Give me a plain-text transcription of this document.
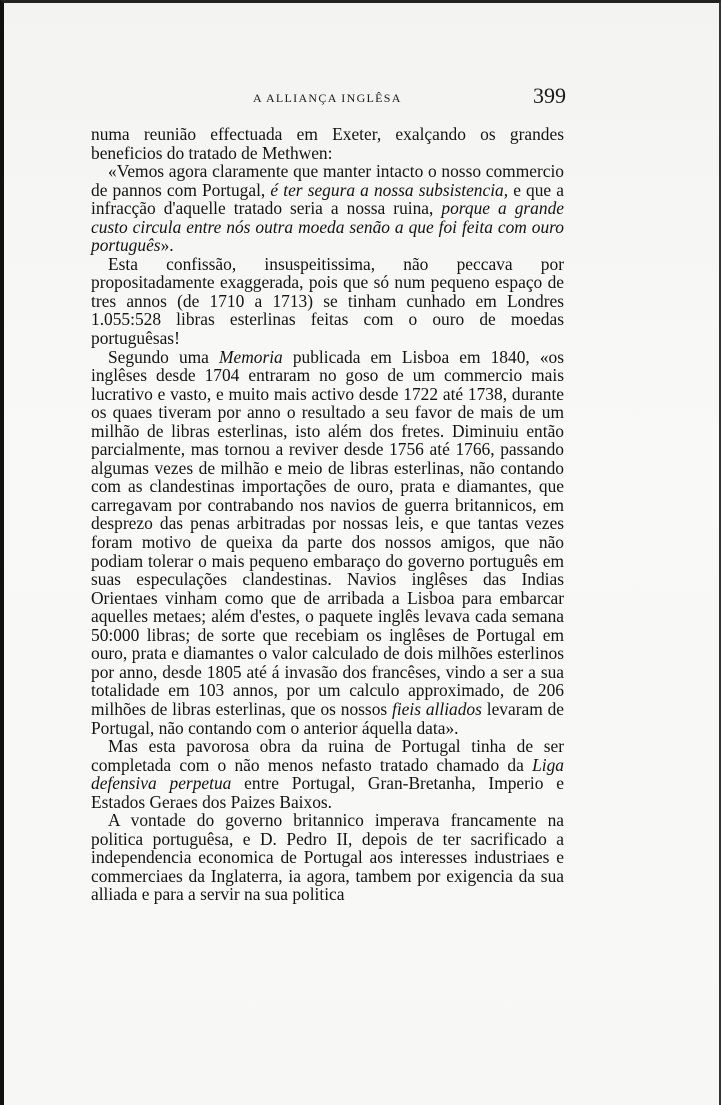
A ALLIANÇA INGLÊSA	399

numa reunião effectuada em Exeter, exalçando os grandes beneficios do tratado de Methwen:

«Vemos agora claramente que manter intacto o nosso commercio de pannos com Portugal, é ter segura a nossa subsistencia, e que a infracção d'aquelle tratado seria a nossa ruina, porque a grande custo circula entre nós outra moeda senão a que foi feita com ouro português».

Esta confissão, insuspeitissima, não peccava por propositadamente exaggerada, pois que só num pequeno espaço de tres annos (de 1710 a 1713) se tinham cunhado em Londres 1.055:528 libras esterlinas feitas com o ouro de moedas portuguêsas!

Segundo uma Memoria publicada em Lisboa em 1840, «os inglêses desde 1704 entraram no goso de um commercio mais lucrativo e vasto, e muito mais activo desde 1722 até 1738, durante os quaes tiveram por anno o resultado a seu favor de mais de um milhão de libras esterlinas, isto além dos fretes. Diminuiu então parcialmente, mas tornou a reviver desde 1756 até 1766, passando algumas vezes de milhão e meio de libras esterlinas, não contando com as clandestinas importações de ouro, prata e diamantes, que carregavam por contrabando nos navios de guerra britannicos, em desprezo das penas arbitradas por nossas leis, e que tantas vezes foram motivo de queixa da parte dos nossos amigos, que não podiam tolerar o mais pequeno embaraço do governo português em suas especulações clandestinas. Navios inglêses das Indias Orientaes vinham como que de arribada a Lisboa para embarcar aquelles metaes; além d'estes, o paquete inglês levava cada semana 50:000 libras; de sorte que recebiam os inglêses de Portugal em ouro, prata e diamantes o valor calculado de dois milhões esterlinos por anno, desde 1805 até á invasão dos francêses, vindo a ser a sua totalidade em 103 annos, por um calculo approximado, de 206 milhões de libras esterlinas, que os nossos fieis alliados levaram de Portugal, não contando com o anterior áquella data».

Mas esta pavorosa obra da ruina de Portugal tinha de ser completada com o não menos nefasto tratado chamado da Liga defensiva perpetua entre Portugal, Gran-Bretanha, Imperio e Estados Geraes dos Paizes Baixos.

A vontade do governo britannico imperava francamente na politica portuguêsa, e D. Pedro II, depois de ter sacrificado a independencia economica de Portugal aos interesses industriaes e commerciaes da Inglaterra, ia agora, tambem por exigencia da sua alliada e para a servir na sua politica
